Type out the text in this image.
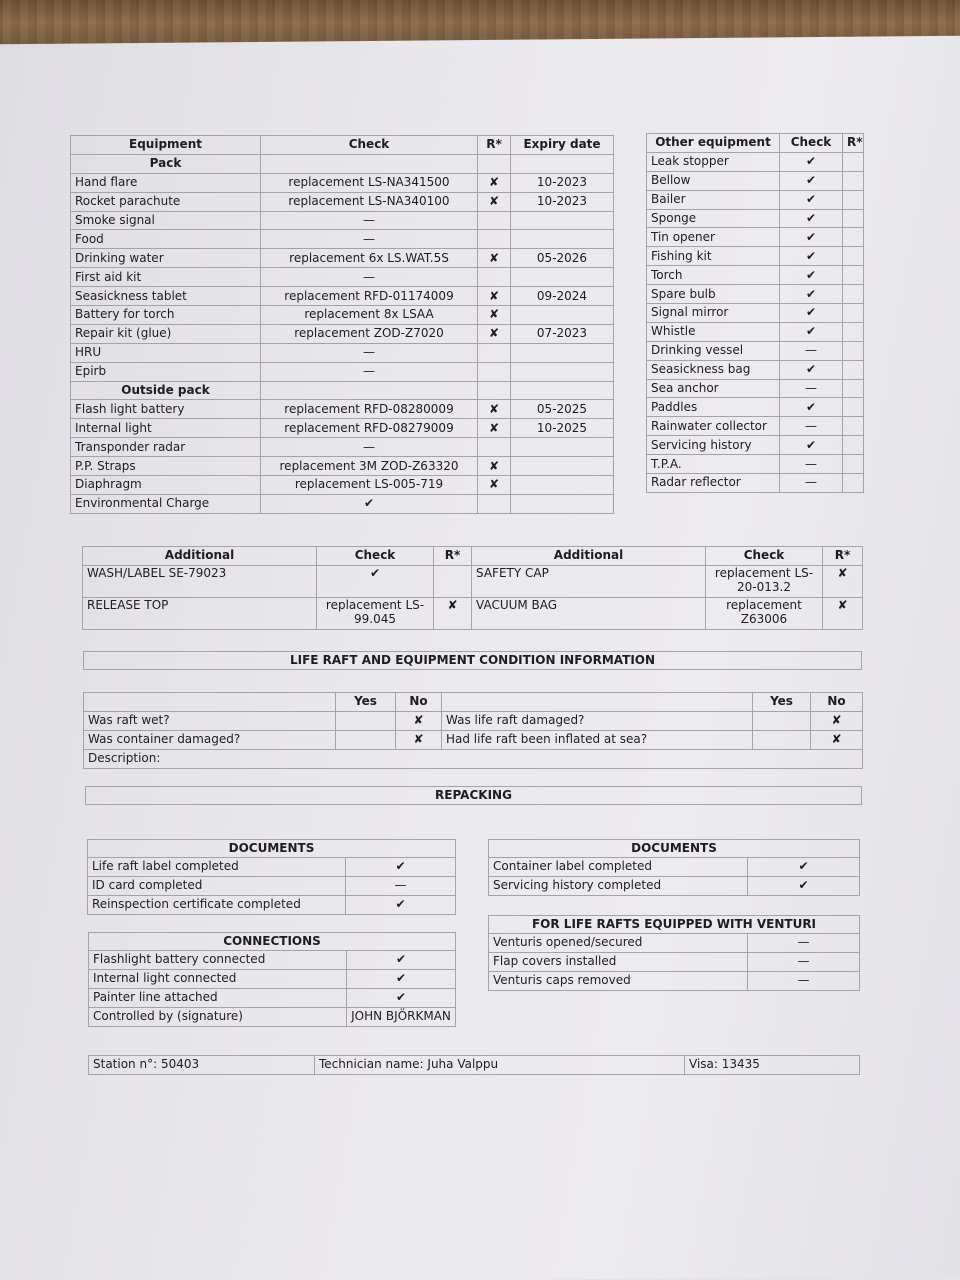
Equipment	Check	R*	Expiry date
Pack			
Hand flare	replacement LS-NA341500	✘	10-2023
Rocket parachute	replacement LS-NA340100	✘	10-2023
Smoke signal	—		
Food	—		
Drinking water	replacement 6x LS.WAT.5S	✘	05-2026
First aid kit	—		
Seasickness tablet	replacement RFD-01174009	✘	09-2024
Battery for torch	replacement 8x LSAA	✘	
Repair kit (glue)	replacement ZOD-Z7020	✘	07-2023
HRU	—		
Epirb	—		
Outside pack			
Flash light battery	replacement RFD-08280009	✘	05-2025
Internal light	replacement RFD-08279009	✘	10-2025
Transponder radar	—		
P.P. Straps	replacement 3M ZOD-Z63320	✘	
Diaphragm	replacement LS-005-719	✘	
Environmental Charge	✔		
Other equipment	Check	R*
Leak stopper	✔	
Bellow	✔	
Bailer	✔	
Sponge	✔	
Tin opener	✔	
Fishing kit	✔	
Torch	✔	
Spare bulb	✔	
Signal mirror	✔	
Whistle	✔	
Drinking vessel	—	
Seasickness bag	✔	
Sea anchor	—	
Paddles	✔	
Rainwater collector	—	
Servicing history	✔	
T.P.A.	—	
Radar reflector	—	
Additional	Check	R*	Additional	Check	R*
WASH/LABEL SE-79023	✔		SAFETY CAP	replacement LS-20-013.2	✘
RELEASE TOP	replacement LS-99.045	✘	VACUUM BAG	replacement Z63006	✘
LIFE RAFT AND EQUIPMENT CONDITION INFORMATION
	Yes	No		Yes	No
Was raft wet?		✘	Was life raft damaged?		✘
Was container damaged?		✘	Had life raft been inflated at sea?		✘
Description:					
REPACKING
DOCUMENTS	
Life raft label completed	✔
ID card completed	—
Reinspection certificate completed	✔
CONNECTIONS	
Flashlight battery connected	✔
Internal light connected	✔
Painter line attached	✔
Controlled by (signature)	JOHN BJÖRKMAN
DOCUMENTS	
Container label completed	✔
Servicing history completed	✔
FOR LIFE RAFTS EQUIPPED WITH VENTURI	
Venturis opened/secured	—
Flap covers installed	—
Venturis caps removed	—
Station n°: 50403	Technician name: Juha Valppu	Visa: 13435
